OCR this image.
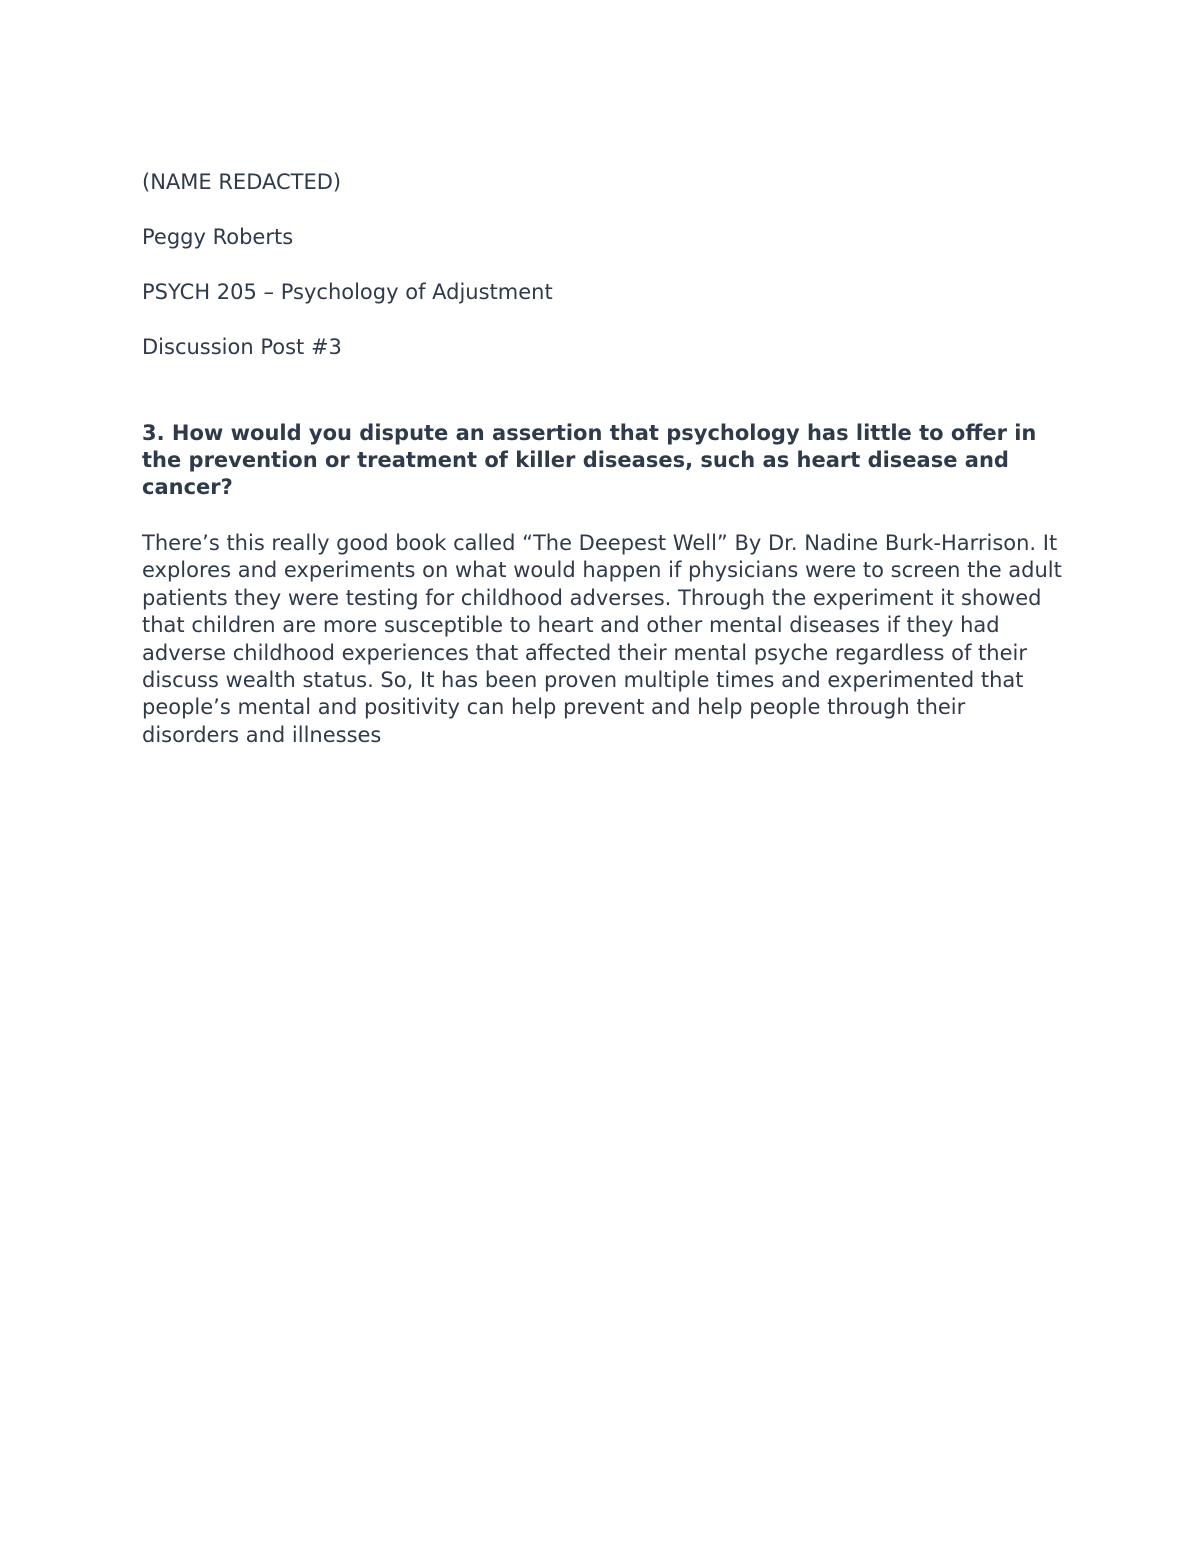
(NAME REDACTED)

Peggy Roberts

PSYCH 205 – Psychology of Adjustment

Discussion Post #3

3. How would you dispute an assertion that psychology has little to offer in the prevention or treatment of killer diseases, such as heart disease and cancer?

There’s this really good book called “The Deepest Well” By Dr. Nadine Burk-Harrison. It explores and experiments on what would happen if physicians were to screen the adult patients they were testing for childhood adverses. Through the experiment it showed that children are more susceptible to heart and other mental diseases if they had adverse childhood experiences that affected their mental psyche regardless of their discuss wealth status. So, It has been proven multiple times and experimented that people’s mental and positivity can help prevent and help people through their disorders and illnesses
